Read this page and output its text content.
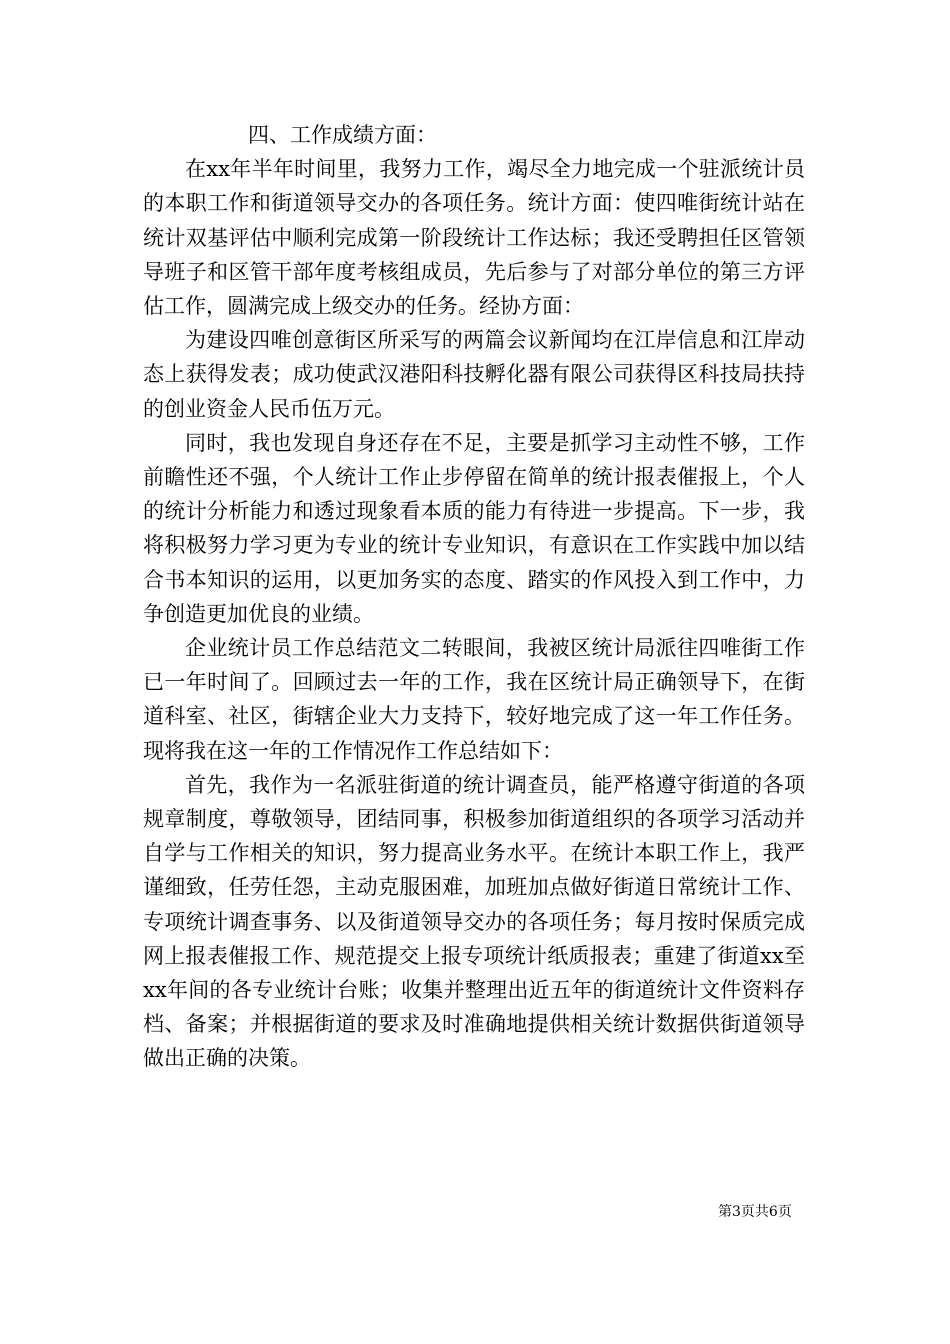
四、工作成绩方面：

在xx年半年时间里，我努力工作，竭尽全力地完成一个驻派统计员的本职工作和街道领导交办的各项任务。统计方面：使四唯街统计站在统计双基评估中顺利完成第一阶段统计工作达标；我还受聘担任区管领导班子和区管干部年度考核组成员，先后参与了对部分单位的第三方评估工作，圆满完成上级交办的任务。经协方面：

为建设四唯创意街区所采写的两篇会议新闻均在江岸信息和江岸动态上获得发表；成功使武汉港阳科技孵化器有限公司获得区科技局扶持的创业资金人民币伍万元。

同时，我也发现自身还存在不足，主要是抓学习主动性不够，工作前瞻性还不强，个人统计工作止步停留在简单的统计报表催报上，个人的统计分析能力和透过现象看本质的能力有待进一步提高。下一步，我将积极努力学习更为专业的统计专业知识，有意识在工作实践中加以结合书本知识的运用，以更加务实的态度、踏实的作风投入到工作中，力争创造更加优良的业绩。

企业统计员工作总结范文二转眼间，我被区统计局派往四唯街工作已一年时间了。回顾过去一年的工作，我在区统计局正确领导下，在街道科室、社区，街辖企业大力支持下，较好地完成了这一年工作任务。现将我在这一年的工作情况作工作总结如下：

首先，我作为一名派驻街道的统计调查员，能严格遵守街道的各项规章制度，尊敬领导，团结同事，积极参加街道组织的各项学习活动并自学与工作相关的知识，努力提高业务水平。在统计本职工作上，我严谨细致，任劳任怨，主动克服困难，加班加点做好街道日常统计工作、专项统计调查事务、以及街道领导交办的各项任务；每月按时保质完成网上报表催报工作、规范提交上报专项统计纸质报表；重建了街道xx至xx年间的各专业统计台账；收集并整理出近五年的街道统计文件资料存档、备案；并根据街道的要求及时准确地提供相关统计数据供街道领导做出正确的决策。

第3页共6页
